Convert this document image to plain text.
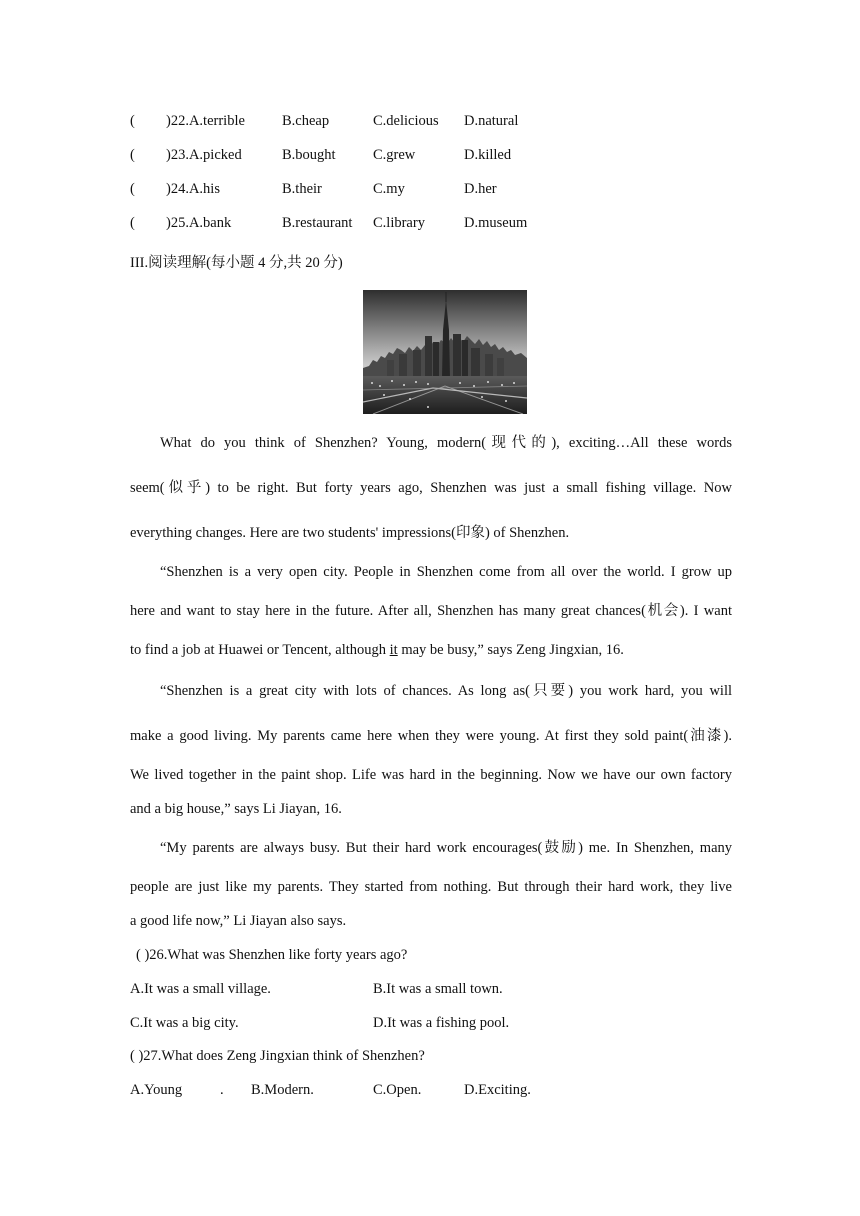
( )22.A.terrible	B.cheap	C.delicious D.natural
( )23.A.picked	B.bought	C.grew	D.killed
( )24.A.his	B.their	C.my	D.her
( )25.A.bank	B.restaurant C.library	D.museum
III.阅读理解(每小题 4 分,共 20 分)
What do you think of Shenzhen? Young, modern(现代的), exciting…All these words
seem(似乎) to be right. But forty years ago, Shenzhen was just a small fishing village. Now
everything changes. Here are two students' impressions(印象) of Shenzhen.
“Shenzhen is a very open city. People in Shenzhen come from all over the world. I grow up
here and want to stay here in the future. After all, Shenzhen has many great chances(机会). I want
to find a job at Huawei or Tencent, although it may be busy,” says Zeng Jingxian, 16.
“Shenzhen is a great city with lots of chances. As long as(只要) you work hard, you will
make a good living. My parents came here when they were young. At first they sold paint(油漆).
We lived together in the paint shop. Life was hard in the beginning. Now we have our own factory
and a big house,” says Li Jiayan, 16.
“My parents are always busy. But their hard work encourages(鼓励) me. In Shenzhen, many
people are just like my parents. They started from nothing. But through their hard work, they live
a good life now,” Li Jiayan also says.
( )26.What was Shenzhen like forty years ago?
A.It was a small village.	B.It was a small town.
C.It was a big city.	D.It was a fishing pool.
( )27.What does Zeng Jingxian think of Shenzhen?
A.Young	. B.Modern.	C.Open.	D.Exciting.
